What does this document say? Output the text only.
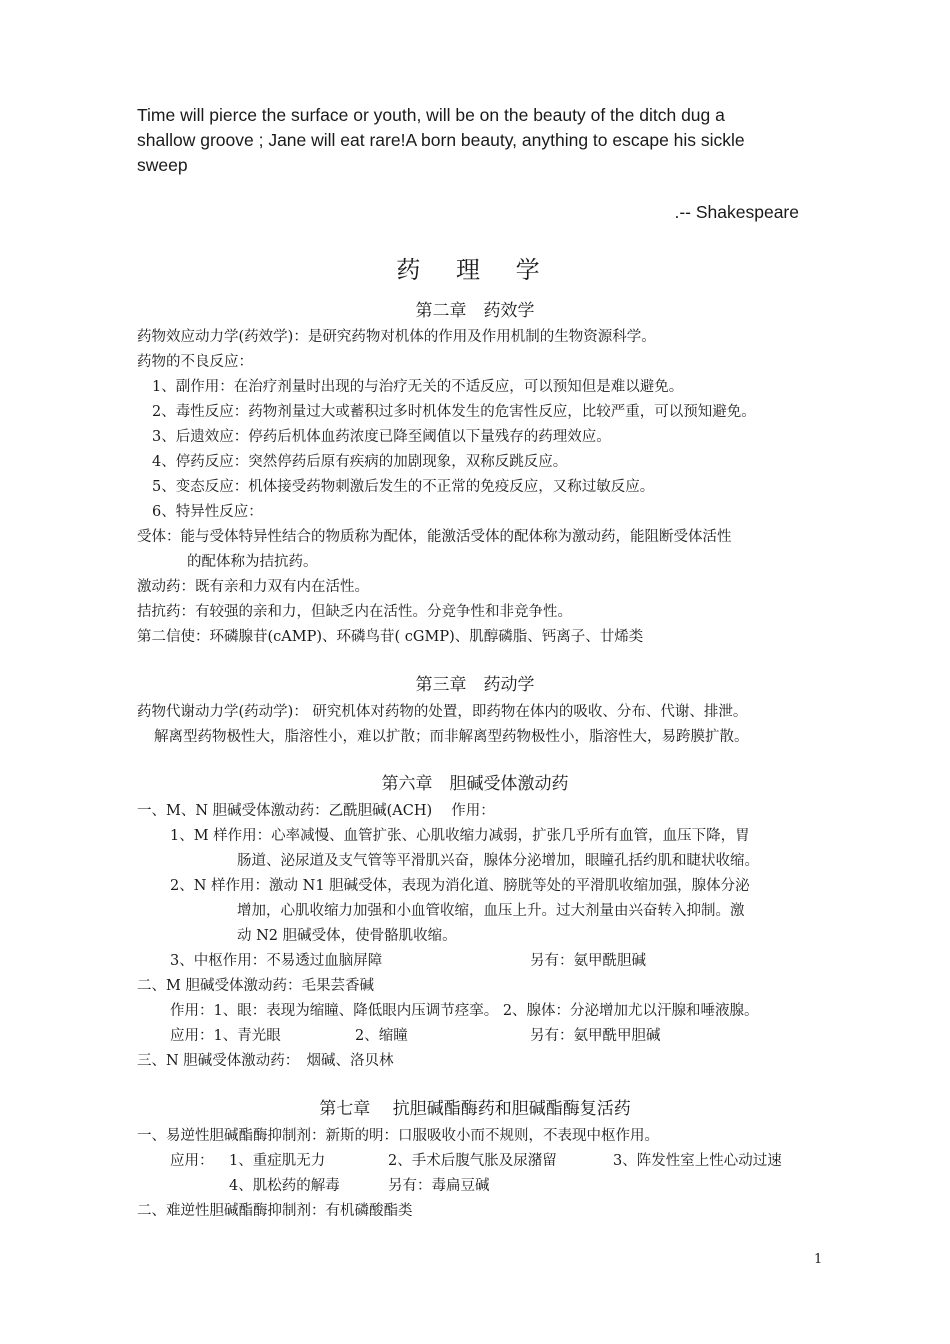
Time will pierce the surface or youth, will be on the beauty of the ditch dug a

shallow groove ; Jane will eat rare!A born beauty, anything to escape his sickle

sweep

.-- Shakespeare
药 理 学
第二章　药效学
药物效应动力学(药效学)：是研究药物对机体的作用及作用机制的生物资源科学。
药物的不良反应：
1、副作用：在治疗剂量时出现的与治疗无关的不适反应，可以预知但是难以避免。
2、毒性反应：药物剂量过大或蓄积过多时机体发生的危害性反应，比较严重，可以预知避免。
3、后遗效应：停药后机体血药浓度已降至阈值以下量残存的药理效应。
4、停药反应：突然停药后原有疾病的加剧现象，双称反跳反应。
5、变态反应：机体接受药物刺激后发生的不正常的免疫反应，又称过敏反应。
6、特异性反应：
受体：能与受体特异性结合的物质称为配体，能激活受体的配体称为激动药，能阻断受体活性
的配体称为拮抗药。
激动药：既有亲和力双有内在活性。
拮抗药：有较强的亲和力，但缺乏内在活性。分竞争性和非竞争性。
第二信使：环磷腺苷(cAMP)、环磷鸟苷( cGMP)、肌醇磷脂、钙离子、廿烯类
第三章　药动学
药物代谢动力学(药动学)： 研究机体对药物的处置，即药物在体内的吸收、分布、代谢、排泄。
解离型药物极性大，脂溶性小，难以扩散；而非解离型药物极性小，脂溶性大，易跨膜扩散。
第六章　胆碱受体激动药
一、M、N 胆碱受体激动药：乙酰胆碱(ACH)　 作用：
1、M 样作用：心率减慢、血管扩张、心肌收缩力减弱，扩张几乎所有血管，血压下降，胃
肠道、泌尿道及支气管等平滑肌兴奋，腺体分泌增加，眼瞳孔括约肌和睫状收缩。
2、N 样作用：激动 N1 胆碱受体，表现为消化道、膀胱等处的平滑肌收缩加强，腺体分泌
增加，心肌收缩力加强和小血管收缩，血压上升。过大剂量由兴奋转入抑制。激
动 N2 胆碱受体，使骨骼肌收缩。
3、中枢作用：不易透过血脑屏障	另有：氨甲酰胆碱
二、M 胆碱受体激动药：毛果芸香碱
作用：1、眼：表现为缩瞳、降低眼内压调节痉挛。 2、腺体：分泌增加尤以汗腺和唾液腺。
应用：1、青光眼	2、缩瞳	另有：氨甲酰甲胆碱
三、N 胆碱受体激动药：　烟碱、洛贝林
第七章　 抗胆碱酯酶药和胆碱酯酶复活药
一、易逆性胆碱酯酶抑制剂：新斯的明：口服吸收小而不规则，不表现中枢作用。
应用： 1、重症肌无力	2、手术后腹气胀及尿潴留	3、阵发性室上性心动过速
4、肌松药的解毒	另有：毒扁豆碱
二、难逆性胆碱酯酶抑制剂：有机磷酸酯类
1
